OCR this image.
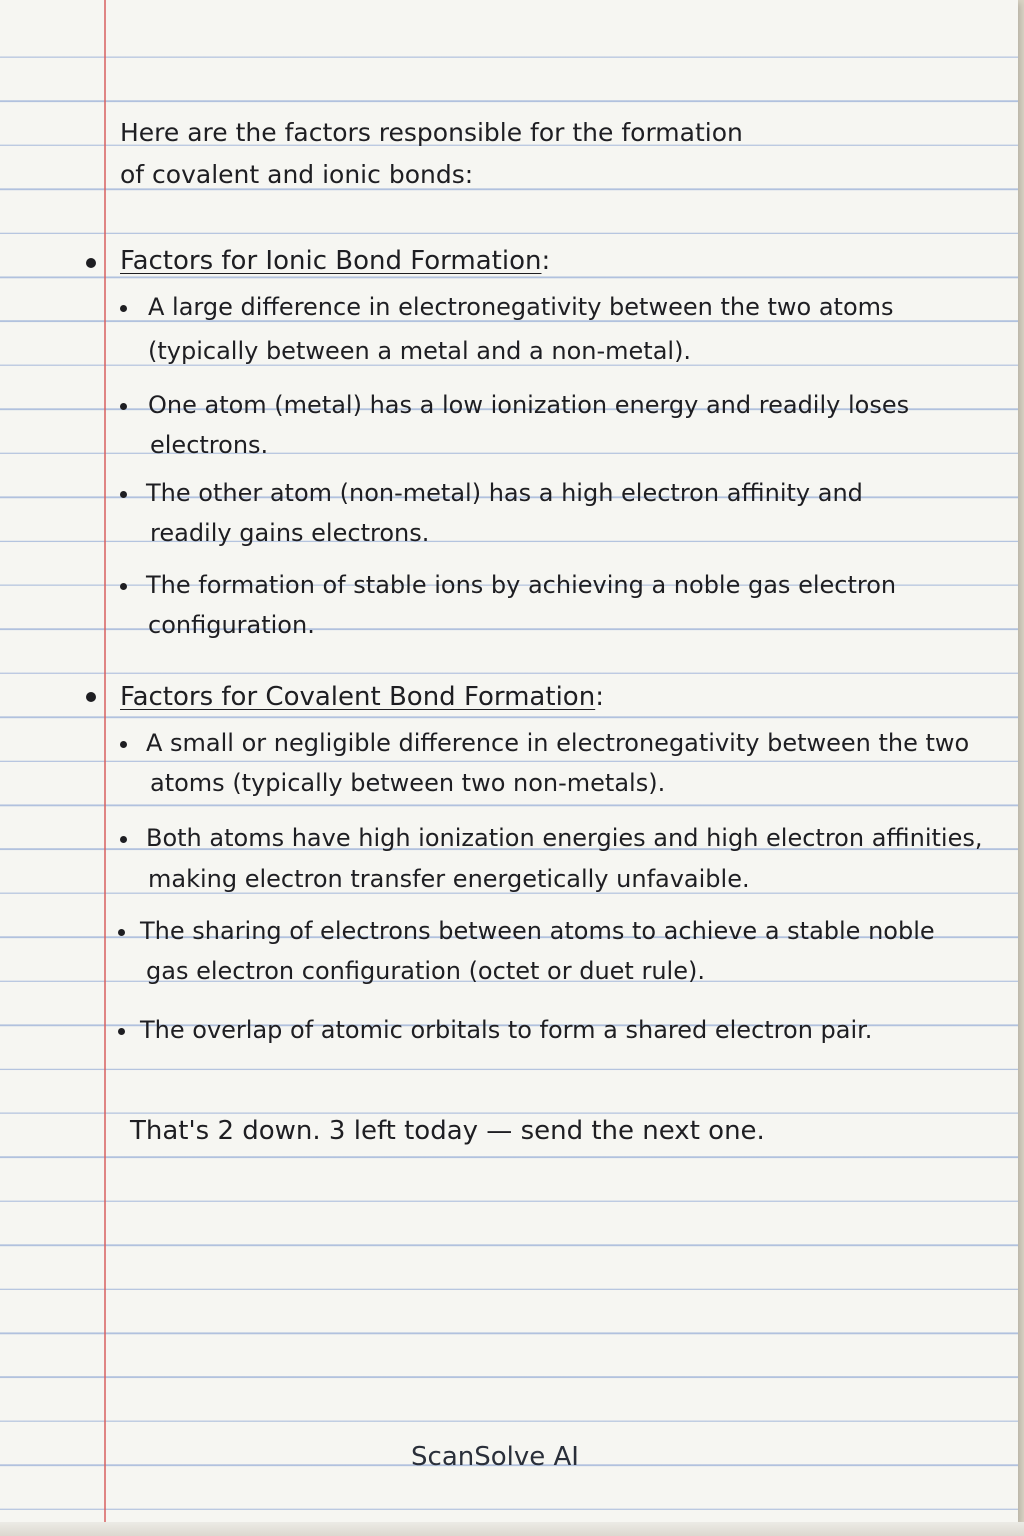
Here are the factors responsible for the formation
of covalent and ionic bonds:
Factors for Ionic Bond Formation:
A large difference in electronegativity between the two atoms
(typically between a metal and a non-metal).
One atom (metal) has a low ionization energy and readily loses
electrons.
The other atom (non-metal) has a high electron affinity and
readily gains electrons.
The formation of stable ions by achieving a noble gas electron
configuration.
Factors for Covalent Bond Formation:
A small or negligible difference in electronegativity between the two
atoms (typically between two non-metals).
Both atoms have high ionization energies and high electron affinities,
making electron transfer energetically unfavaible.
The sharing of electrons between atoms to achieve a stable noble
gas electron configuration (octet or duet rule).
The overlap of atomic orbitals to form a shared electron pair.
That's 2 down. 3 left today — send the next one.
ScanSolve AI
